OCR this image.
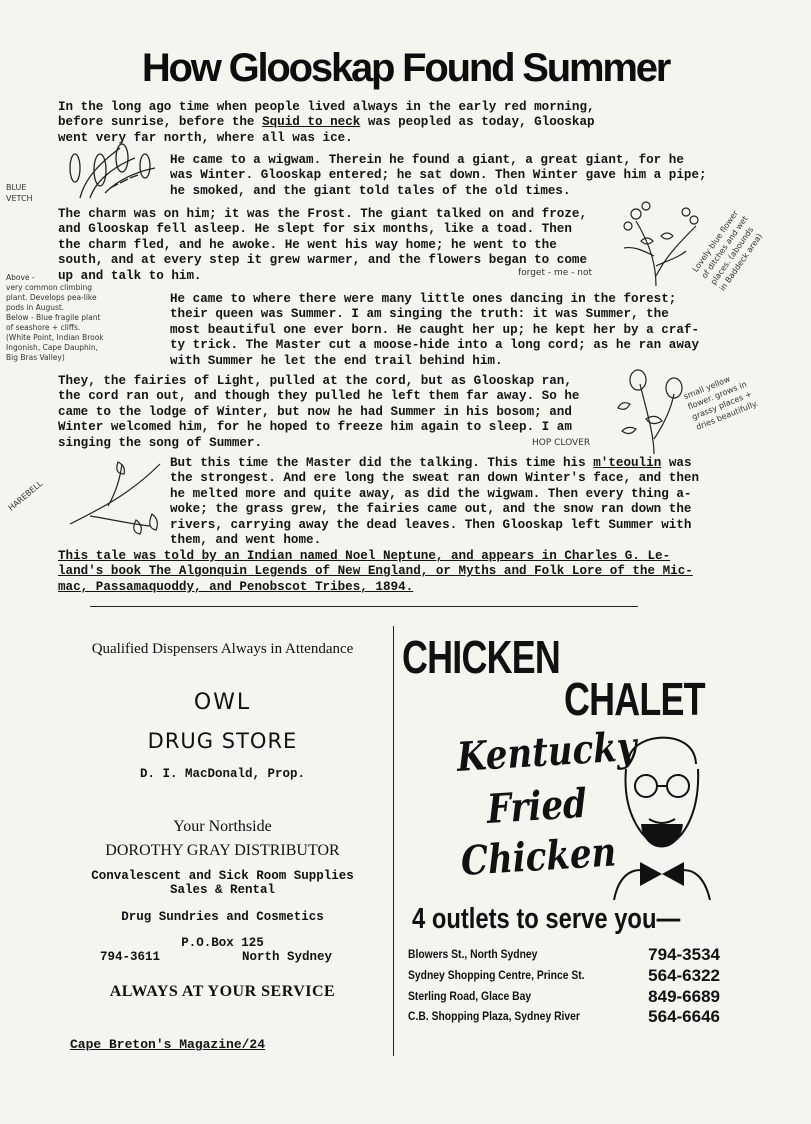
How Glooskap Found Summer
In the long ago time when people lived always in the early red morning,
before sunrise, before the Squid to neck was peopled as today, Glooskap
went very far north, where all was ice.
He came to a wigwam. Therein he found a giant, a great giant, for he
was Winter. Glooskap entered; he sat down. Then Winter gave him a pipe;
he smoked, and the giant told tales of the old times.
The charm was on him; it was the Frost. The giant talked on and froze,
and Glooskap fell asleep. He slept for six months, like a toad. Then
the charm fled, and he awoke. He went his way home; he went to the
south, and at every step it grew warmer, and the flowers began to come
up and talk to him.
He came to where there were many little ones dancing in the forest;
their queen was Summer. I am singing the truth: it was Summer, the
most beautiful one ever born. He caught her up; he kept her by a craf-
ty trick. The Master cut a moose-hide into a long cord; as he ran away
with Summer he let the end trail behind him.
They, the fairies of Light, pulled at the cord, but as Glooskap ran,
the cord ran out, and though they pulled he left them far away. So he
came to the lodge of Winter, but now he had Summer in his bosom; and
Winter welcomed him, for he hoped to freeze him again to sleep. I am
singing the song of Summer.
But this time the Master did the talking. This time his m'teoulin was
the strongest. And ere long the sweat ran down Winter's face, and then
he melted more and quite away, as did the wigwam. Then every thing a-
woke; the grass grew, the fairies came out, and the snow ran down the
rivers, carrying away the dead leaves. Then Glooskap left Summer with
them, and went home.
This tale was told by an Indian named Noel Neptune, and appears in Charles G. Le-
land's book The Algonquin Legends of New England, or Myths and Folk Lore of the Mic-
mac, Passamaquoddy, and Penobscot Tribes, 1894.
BLUE
VETCH
forget - me - not	Lovely blue flower
of ditches and wet
places. (abounds
in Baddeck area)
Above -
very common climbing
plant. Develops pea-like
pods in August.
Below - Blue fragile plant
of seashore + cliffs.
(White Point, Indian Brook
Ingonish, Cape Dauphin,
Big Bras Valley)
small yellow
flower. grows in
grassy places +
dries beautifully.
HOP CLOVER
HAREBELL
Qualified Dispensers Always in Attendance
OWL
DRUG STORE
D. I. MacDonald, Prop.
Your Northside
DOROTHY GRAY DISTRIBUTOR
Convalescent and Sick Room Supplies
Sales & Rental
Drug Sundries and Cosmetics
P.O.Box 125
794-3611	North Sydney
ALWAYS AT YOUR SERVICE
CHICKEN
CHALET
Kentucky
Fried
Chicken
4 outlets to serve you—
Blowers St., North Sydney	794-3534
Sydney Shopping Centre, Prince St.	564-6322
Sterling Road, Glace Bay	849-6689
C.B. Shopping Plaza, Sydney River	564-6646
Cape Breton's Magazine/24
